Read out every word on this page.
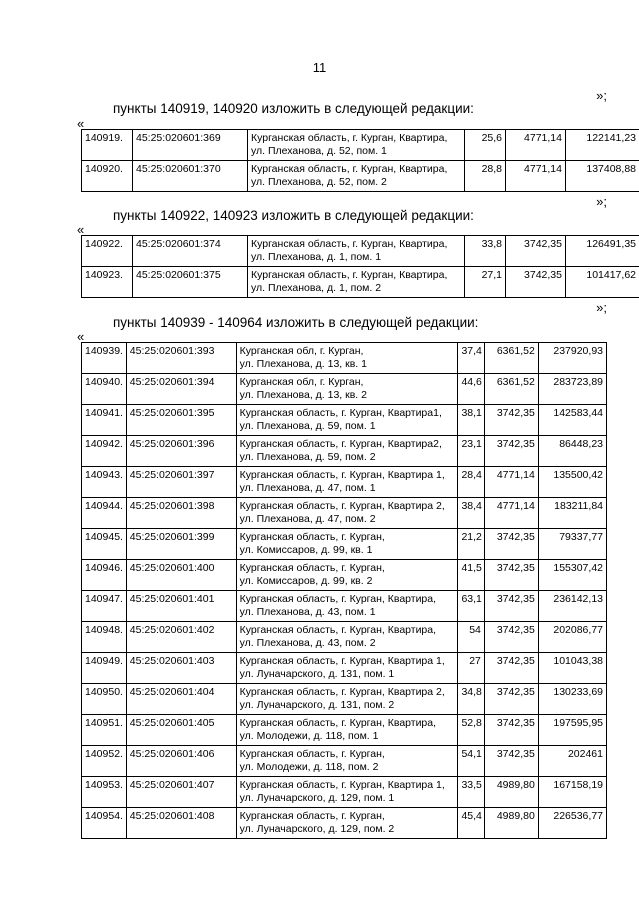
11
»;
пункты 140919, 140920 изложить в следующей редакции:
«
140919.	45:25:020601:369	Курганская область, г. Курган, Квартира,
ул. Плеханова, д. 52, пом. 1	25,6	4771,14	122141,23
140920.	45:25:020601:370	Курганская область, г. Курган, Квартира,
ул. Плеханова, д. 52, пом. 2	28,8	4771,14	137408,88
»;
пункты 140922, 140923 изложить в следующей редакции:
«
140922.	45:25:020601:374	Курганская область, г. Курган, Квартира,
ул. Плеханова, д. 1, пом. 1	33,8	3742,35	126491,35
140923.	45:25:020601:375	Курганская область, г. Курган, Квартира,
ул. Плеханова, д. 1, пом. 2	27,1	3742,35	101417,62
»;
пункты 140939 - 140964 изложить в следующей редакции:
«
140939.	45:25:020601:393	Курганская обл, г. Курган,
ул. Плеханова, д. 13, кв. 1	37,4	6361,52	237920,93
140940.	45:25:020601:394	Курганская обл, г. Курган,
ул. Плеханова, д. 13, кв. 2	44,6	6361,52	283723,89
140941.	45:25:020601:395	Курганская область, г. Курган, Квартира1,
ул. Плеханова, д. 59, пом. 1	38,1	3742,35	142583,44
140942.	45:25:020601:396	Курганская область, г. Курган, Квартира2,
ул. Плеханова, д. 59, пом. 2	23,1	3742,35	86448,23
140943.	45:25:020601:397	Курганская область, г. Курган, Квартира 1,
ул. Плеханова, д. 47, пом. 1	28,4	4771,14	135500,42
140944.	45:25:020601:398	Курганская область, г. Курган, Квартира 2,
ул. Плеханова, д. 47, пом. 2	38,4	4771,14	183211,84
140945.	45:25:020601:399	Курганская область, г. Курган,
ул. Комиссаров, д. 99, кв. 1	21,2	3742,35	79337,77
140946.	45:25:020601:400	Курганская область, г. Курган,
ул. Комиссаров, д. 99, кв. 2	41,5	3742,35	155307,42
140947.	45:25:020601:401	Курганская область, г. Курган, Квартира,
ул. Плеханова, д. 43, пом. 1	63,1	3742,35	236142,13
140948.	45:25:020601:402	Курганская область, г. Курган, Квартира,
ул. Плеханова, д. 43, пом. 2	54	3742,35	202086,77
140949.	45:25:020601:403	Курганская область, г. Курган, Квартира 1,
ул. Луначарского, д. 131, пом. 1	27	3742,35	101043,38
140950.	45:25:020601:404	Курганская область, г. Курган, Квартира 2,
ул. Луначарского, д. 131, пом. 2	34,8	3742,35	130233,69
140951.	45:25:020601:405	Курганская область, г. Курган, Квартира,
ул. Молодежи, д. 118, пом. 1	52,8	3742,35	197595,95
140952.	45:25:020601:406	Курганская область, г. Курган,
ул. Молодежи, д. 118, пом. 2	54,1	3742,35	202461
140953.	45:25:020601:407	Курганская область, г. Курган, Квартира 1,
ул. Луначарского, д. 129, пом. 1	33,5	4989,80	167158,19
140954.	45:25:020601:408	Курганская область, г. Курган,
ул. Луначарского, д. 129, пом. 2	45,4	4989,80	226536,77
